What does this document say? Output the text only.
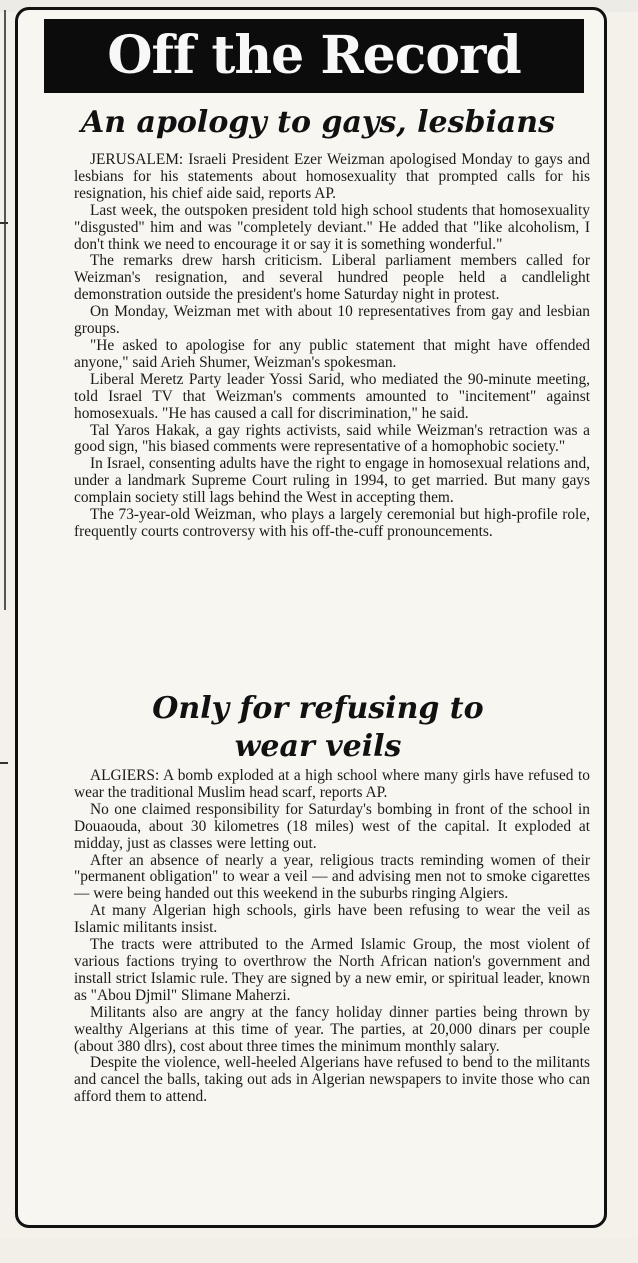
Off the Record
An apology to gays, lesbians

JERUSALEM: Israeli President Ezer Weizman apologised Monday to gays and lesbians for his statements about homosexuality that prompted calls for his resignation, his chief aide said, reports AP.

Last week, the outspoken president told high school students that homosexuality "disgusted" him and was "completely deviant." He added that "like alcoholism, I don't think we need to encourage it or say it is something wonderful."

The remarks drew harsh criticism. Liberal parliament members called for Weizman's resignation, and several hundred people held a candlelight demonstration outside the president's home Saturday night in protest.

On Monday, Weizman met with about 10 representatives from gay and lesbian groups.

"He asked to apologise for any public statement that might have offended anyone," said Arieh Shumer, Weizman's spokesman.

Liberal Meretz Party leader Yossi Sarid, who mediated the 90-minute meeting, told Israel TV that Weizman's comments amounted to "incitement" against homosexuals. "He has caused a call for discrimination," he said.

Tal Yaros Hakak, a gay rights activists, said while Weizman's retraction was a good sign, "his biased comments were representative of a homophobic society."

In Israel, consenting adults have the right to engage in homosexual relations and, under a landmark Supreme Court ruling in 1994, to get married. But many gays complain society still lags behind the West in accepting them.

The 73-year-old Weizman, who plays a largely ceremonial but high-profile role, frequently courts controversy with his off-the-cuff pronouncements.

Only for refusing to
wear veils

ALGIERS: A bomb exploded at a high school where many girls have refused to wear the traditional Muslim head scarf, reports AP.

No one claimed responsibility for Saturday's bombing in front of the school in Douaouda, about 30 kilometres (18 miles) west of the capital. It exploded at midday, just as classes were letting out.

After an absence of nearly a year, religious tracts reminding women of their "permanent obligation" to wear a veil — and advising men not to smoke cigarettes — were being handed out this weekend in the suburbs ringing Algiers.

At many Algerian high schools, girls have been refusing to wear the veil as Islamic militants insist.

The tracts were attributed to the Armed Islamic Group, the most violent of various factions trying to overthrow the North African nation's government and install strict Islamic rule. They are signed by a new emir, or spiritual leader, known as "Abou Djmil" Slimane Maherzi.

Militants also are angry at the fancy holiday dinner parties being thrown by wealthy Algerians at this time of year. The parties, at 20,000 dinars per couple (about 380 dlrs), cost about three times the minimum monthly salary.

Despite the violence, well-heeled Algerians have refused to bend to the militants and cancel the balls, taking out ads in Algerian newspapers to invite those who can afford them to attend.
